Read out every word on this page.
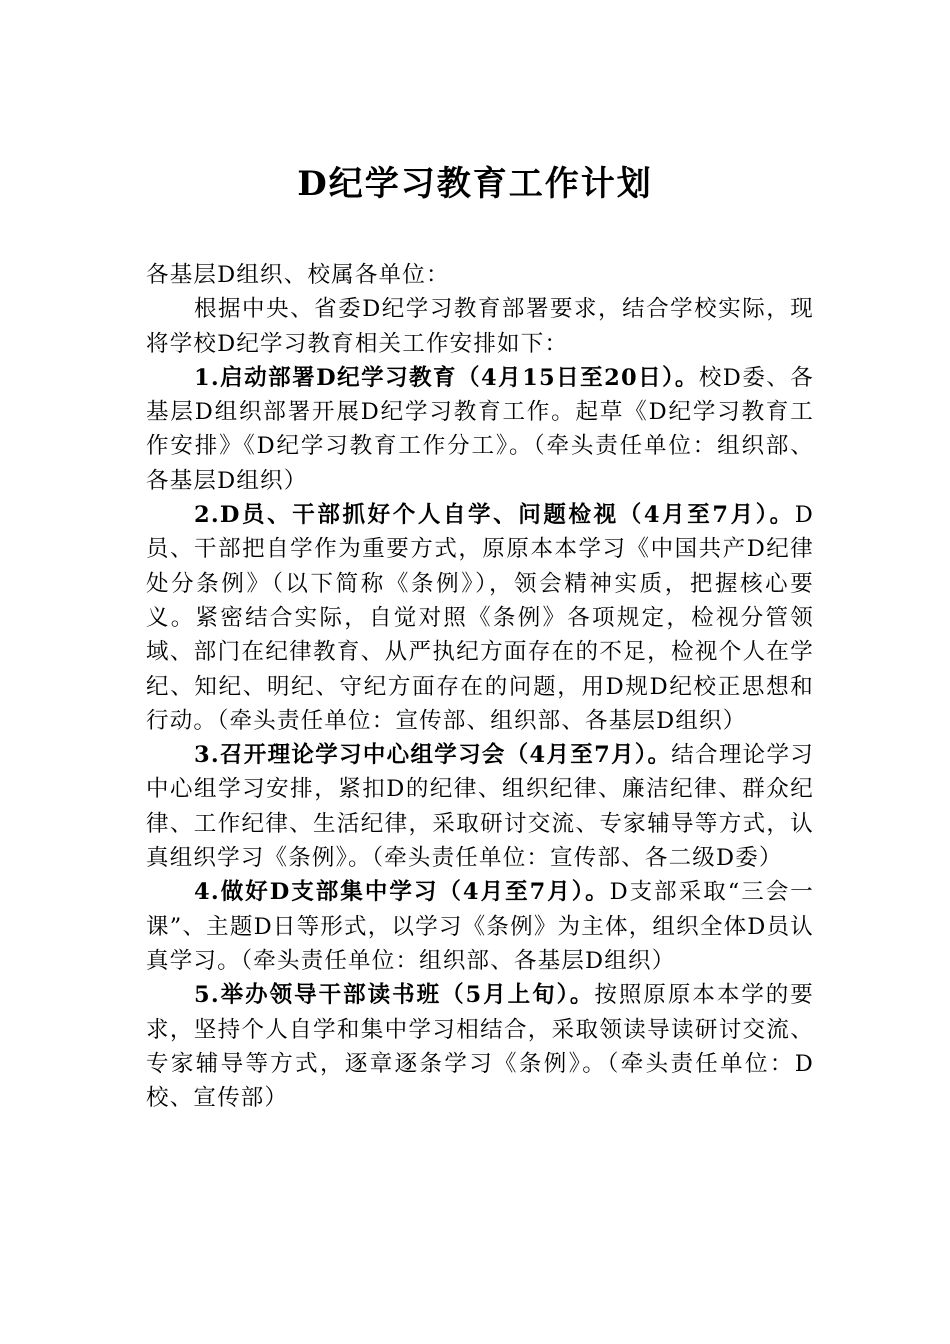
D纪学习教育工作计划

各基层D组织、校属各单位：

根据中央、省委D纪学习教育部署要求，结合学校实际，现将学校D纪学习教育相关工作安排如下：

1.启动部署D纪学习教育（4月15日至20日）。校D委、各基层D组织部署开展D纪学习教育工作。起草《D纪学习教育工作安排》《D纪学习教育工作分工》。（牵头责任单位：组织部、各基层D组织）

2.D员、干部抓好个人自学、问题检视（4月至7月）。D员、干部把自学作为重要方式，原原本本学习《中国共产D纪律处分条例》（以下简称《条例》），领会精神实质，把握核心要义。紧密结合实际，自觉对照《条例》各项规定，检视分管领域、部门在纪律教育、从严执纪方面存在的不足，检视个人在学纪、知纪、明纪、守纪方面存在的问题，用D规D纪校正思想和行动。（牵头责任单位：宣传部、组织部、各基层D组织）

3.召开理论学习中心组学习会（4月至7月）。结合理论学习中心组学习安排，紧扣D的纪律、组织纪律、廉洁纪律、群众纪律、工作纪律、生活纪律，采取研讨交流、专家辅导等方式，认真组织学习《条例》。（牵头责任单位：宣传部、各二级D委）

4.做好D支部集中学习（4月至7月）。D支部采取“三会一课”、主题D日等形式，以学习《条例》为主体，组织全体D员认真学习。（牵头责任单位：组织部、各基层D组织）

5.举办领导干部读书班（5月上旬）。按照原原本本学的要求，坚持个人自学和集中学习相结合，采取领读导读研讨交流、专家辅导等方式，逐章逐条学习《条例》。（牵头责任单位：D校、宣传部）
